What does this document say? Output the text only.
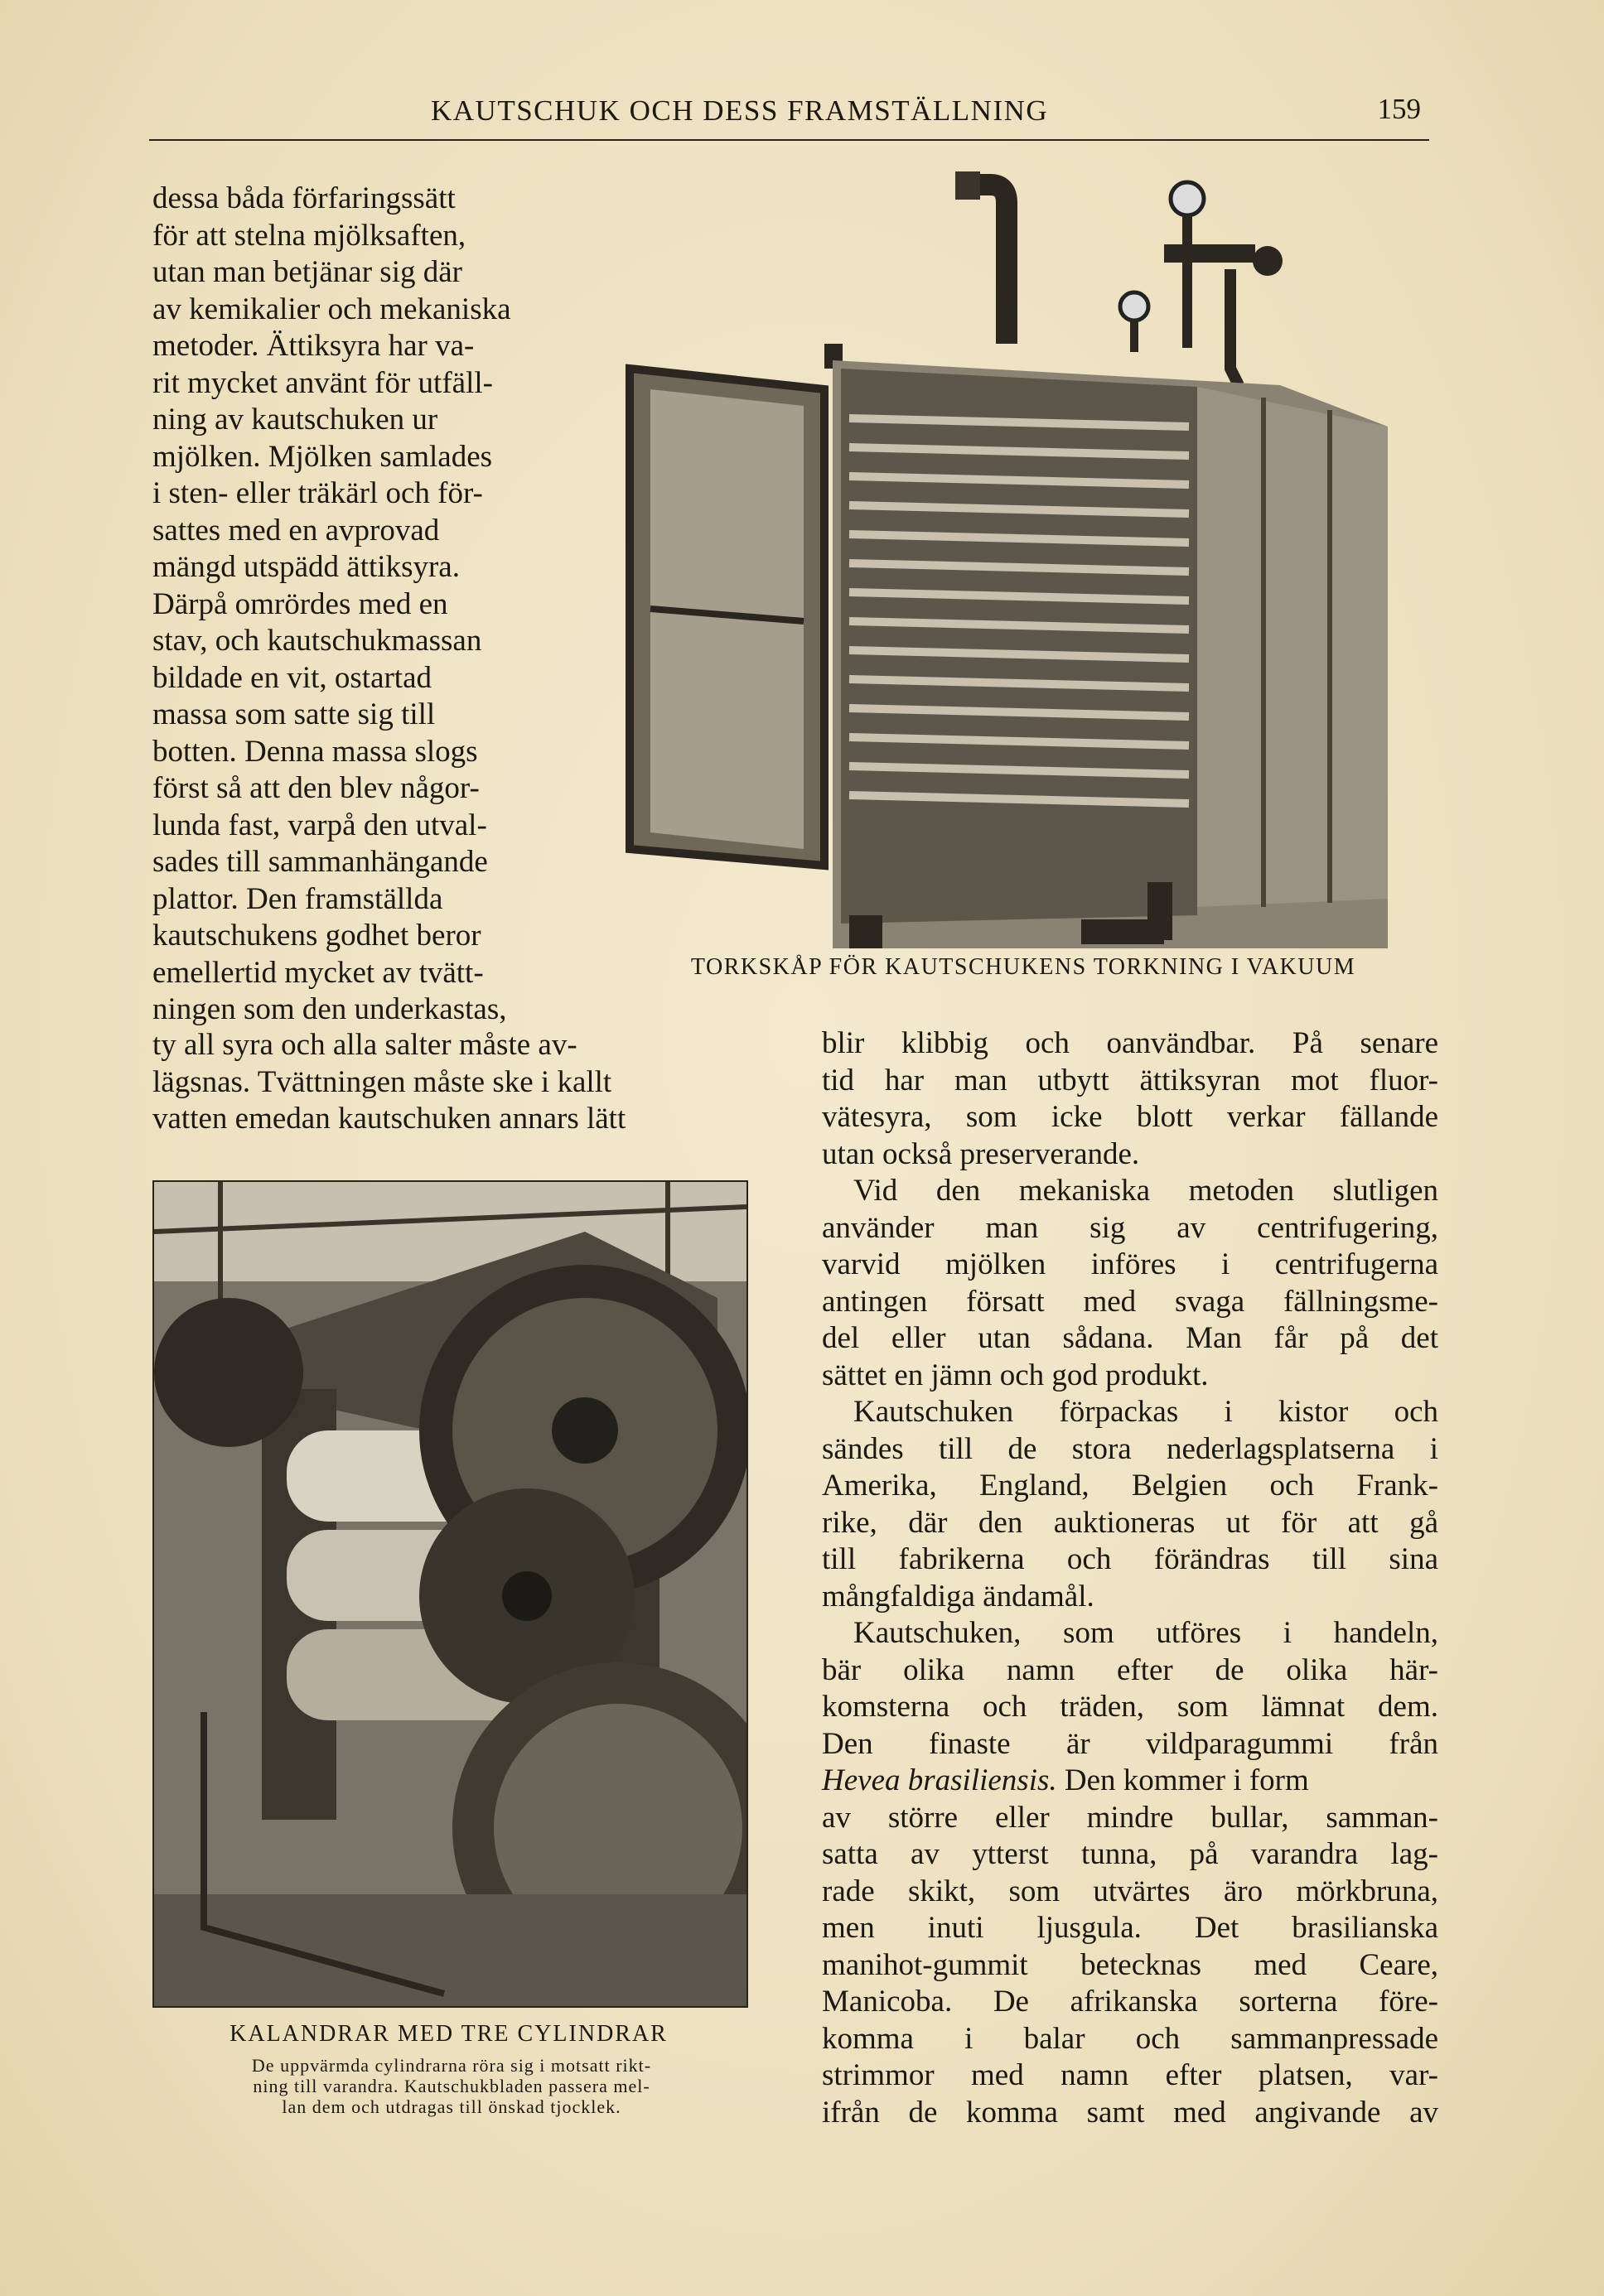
KAUTSCHUK OCH DESS FRAMSTÄLLNING	159
dessa båda förfaringssätt
för att stelna mjölksaften,
utan man betjänar sig där
av kemikalier och mekaniska
metoder. Ättiksyra har va-
rit mycket använt för utfäll-
ning av kautschuken ur
mjölken. Mjölken samlades
i sten- eller träkärl och för-
sattes med en avprovad
mängd utspädd ättiksyra.
Därpå omrördes med en
stav, och kautschukmassan
bildade en vit, ostartad
massa som satte sig till
botten. Denna massa slogs
först så att den blev någor-
lunda fast, varpå den utval-
sades till sammanhängande
plattor. Den framställda
kautschukens godhet beror
emellertid mycket av tvätt-
ningen som den underkastas,
ty all syra och alla salter måste av-
lägsnas. Tvättningen måste ske i kallt
vatten emedan kautschuken annars lätt
TORKSKÅP FÖR KAUTSCHUKENS TORKNING I VAKUUM
KALANDRAR MED TRE CYLINDRAR
De uppvärmda cylindrarna röra sig i motsatt rikt-
ning till varandra. Kautschukbladen passera mel-
lan dem och utdragas till önskad tjocklek.
blir klibbig och oanvändbar. På senare
tid har man utbytt ättiksyran mot fluor-
vätesyra, som icke blott verkar fällande
utan också preserverande.
Vid den mekaniska metoden slutligen
använder man sig av centrifugering,
varvid mjölken införes i centrifugerna
antingen försatt med svaga fällningsme-
del eller utan sådana. Man får på det
sättet en jämn och god produkt.
Kautschuken förpackas i kistor och
sändes till de stora nederlagsplatserna i
Amerika, England, Belgien och Frank-
rike, där den auktioneras ut för att gå
till fabrikerna och förändras till sina
mångfaldiga ändamål.
Kautschuken, som utföres i handeln,
bär olika namn efter de olika här-
komsterna och träden, som lämnat dem.
Den finaste är vildparagummi från
Hevea brasiliensis. Den kommer i form
av större eller mindre bullar, samman-
satta av ytterst tunna, på varandra lag-
rade skikt, som utvärtes äro mörkbruna,
men inuti ljusgula. Det brasilianska
manihot-gummit betecknas med Ceare,
Manicoba. De afrikanska sorterna före-
komma i balar och sammanpressade
strimmor med namn efter platsen, var-
ifrån de komma samt med angivande av
